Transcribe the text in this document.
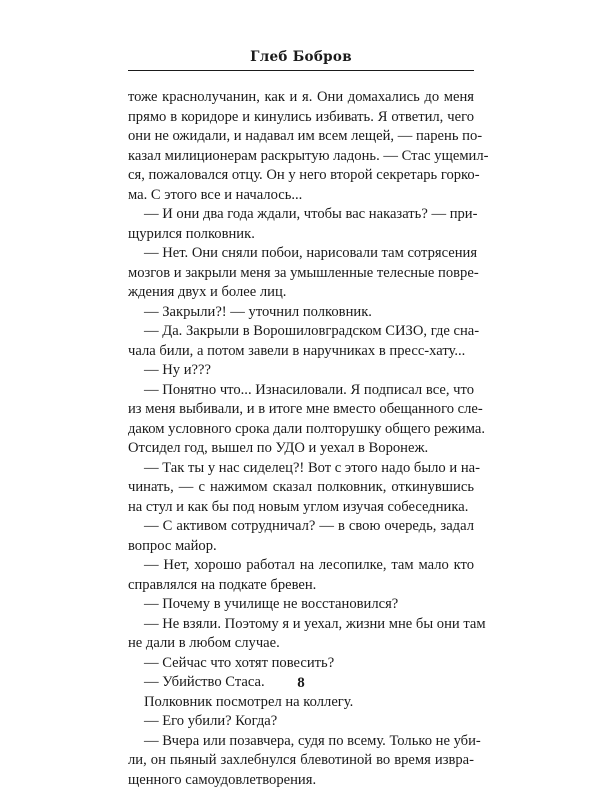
Глеб Бобров
тоже краснолучанин, как и я. Они домахались до меня
прямо в коридоре и кинулись избивать. Я ответил, чего
они не ожидали, и надавал им всем лещей, — парень по-
казал милиционерам раскрытую ладонь. — Стас ущемил-
ся, пожаловался отцу. Он у него второй секретарь горко-
ма. С этого все и началось...
— И они два года ждали, чтобы вас наказать? — при-
щурился полковник.
— Нет. Они сняли побои, нарисовали там сотрясения
мозгов и закрыли меня за умышленные телесные повре-
ждения двух и более лиц.
— Закрыли?! — уточнил полковник.
— Да. Закрыли в Ворошиловградском СИЗО, где сна-
чала били, а потом завели в наручниках в пресс-хату...
— Ну и???
— Понятно что... Изнасиловали. Я подписал все, что
из меня выбивали, и в итоге мне вместо обещанного сле-
даком условного срока дали полторушку общего режима.
Отсидел год, вышел по УДО и уехал в Воронеж.
— Так ты у нас сиделец?! Вот с этого надо было и на-
чинать, — с нажимом сказал полковник, откинувшись
на стул и как бы под новым углом изучая собеседника.
— С активом сотрудничал? — в свою очередь, задал
вопрос майор.
— Нет, хорошо работал на лесопилке, там мало кто
справлялся на подкате бревен.
— Почему в училище не восстановился?
— Не взяли. Поэтому я и уехал, жизни мне бы они там
не дали в любом случае.
— Сейчас что хотят повесить?
— Убийство Стаса.
Полковник посмотрел на коллегу.
— Его убили? Когда?
— Вчера или позавчера, судя по всему. Только не уби-
ли, он пьяный захлебнулся блевотиной во время извра-
щенного самоудовлетворения.
8
